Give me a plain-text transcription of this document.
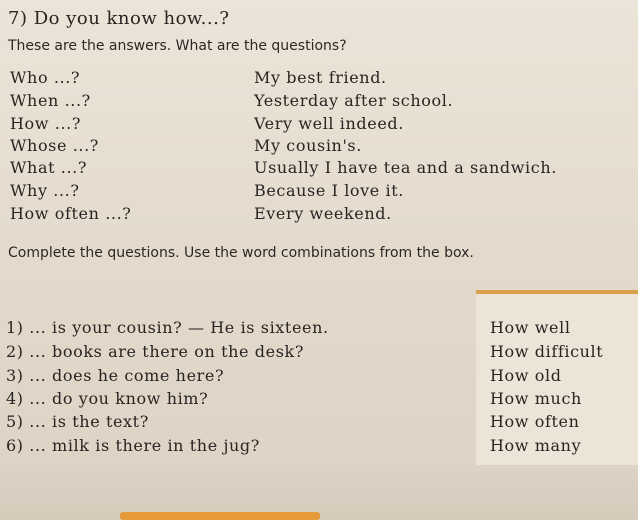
7) Do you know how...?
These are the answers. What are the questions?
Who ...?	My best friend.
When ...?	Yesterday after school.
How ...?	Very well indeed.
Whose ...?	My cousin's.
What ...?	Usually I have tea and a sandwich.
Why ...?	Because I love it.
How often ...?	Every weekend.
Complete the questions. Use the word combinations from the box.
1) ... is your cousin? — He is sixteen.
2) ... books are there on the desk?
3) ... does he come here?
4) ... do you know him?
5) ... is the text?
6) ... milk is there in the jug?
How well
How difficult
How old
How much
How often
How many
